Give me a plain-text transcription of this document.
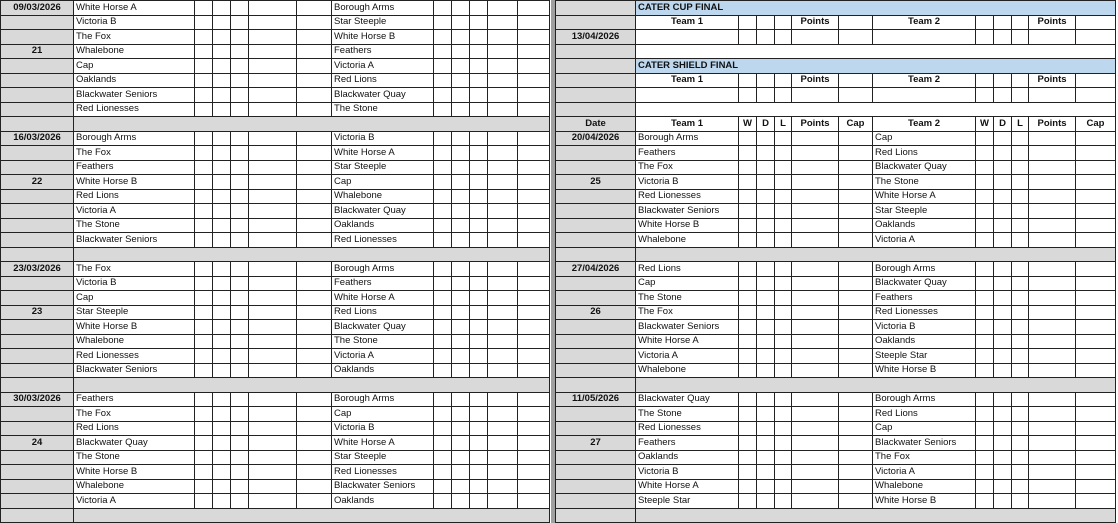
09/03/2026	White Horse A						Borough Arms					
	Victoria B						Star Steeple					
	The Fox						White Horse B					
21	Whalebone						Feathers					
	Cap						Victoria A					
	Oaklands						Red Lions					
	Blackwater Seniors						Blackwater Quay					
	Red Lionesses						The Stone					

16/03/2026	Borough Arms						Victoria B					
	The Fox						White Horse A					
	Feathers						Star Steeple					
22	White Horse B						Cap					
	Red Lions						Whalebone					
	Victoria A						Blackwater Quay					
	The Stone						Oaklands					
	Blackwater Seniors						Red Lionesses					

23/03/2026	The Fox						Borough Arms					
	Victoria B						Feathers					
	Cap						White Horse A					
23	Star Steeple						Red Lions					
	White Horse B						Blackwater Quay					
	Whalebone						The Stone					
	Red Lionesses						Victoria A					
	Blackwater Seniors						Oaklands					

30/03/2026	Feathers						Borough Arms					
	The Fox						Cap					
	Red Lions						Victoria B					
24	Blackwater Quay						White Horse A					
	The Stone						Star Steeple					
	White Horse B						Red Lionesses					
	Whalebone						Blackwater Seniors					
	Victoria A						Oaklands					

	CATER CUP FINAL											
	Team 1				Points		Team 2				Points	
13/04/2026												

	CATER SHIELD FINAL											
	Team 1				Points		Team 2				Points	

Date	Team 1	W	D	L	Points	Cap	Team 2	W	D	L	Points	Cap
20/04/2026	Borough Arms						Cap					
	Feathers						Red Lions					
	The Fox						Blackwater Quay					
25	Victoria B						The Stone					
	Red Lionesses						White Horse A					
	Blackwater Seniors						Star Steeple					
	White Horse B						Oaklands					
	Whalebone						Victoria A					

27/04/2026	Red Lions						Borough Arms					
	Cap						Blackwater Quay					
	The Stone						Feathers					
26	The Fox						Red Lionesses					
	Blackwater Seniors						Victoria B					
	White Horse A						Oaklands					
	Victoria A						Steeple Star					
	Whalebone						White Horse B					

11/05/2026	Blackwater Quay						Borough Arms					
	The Stone						Red Lions					
	Red Lionesses						Cap					
27	Feathers						Blackwater Seniors					
	Oaklands						The Fox					
	Victoria B						Victoria A					
	White Horse A						Whalebone					
	Steeple Star						White Horse B					
